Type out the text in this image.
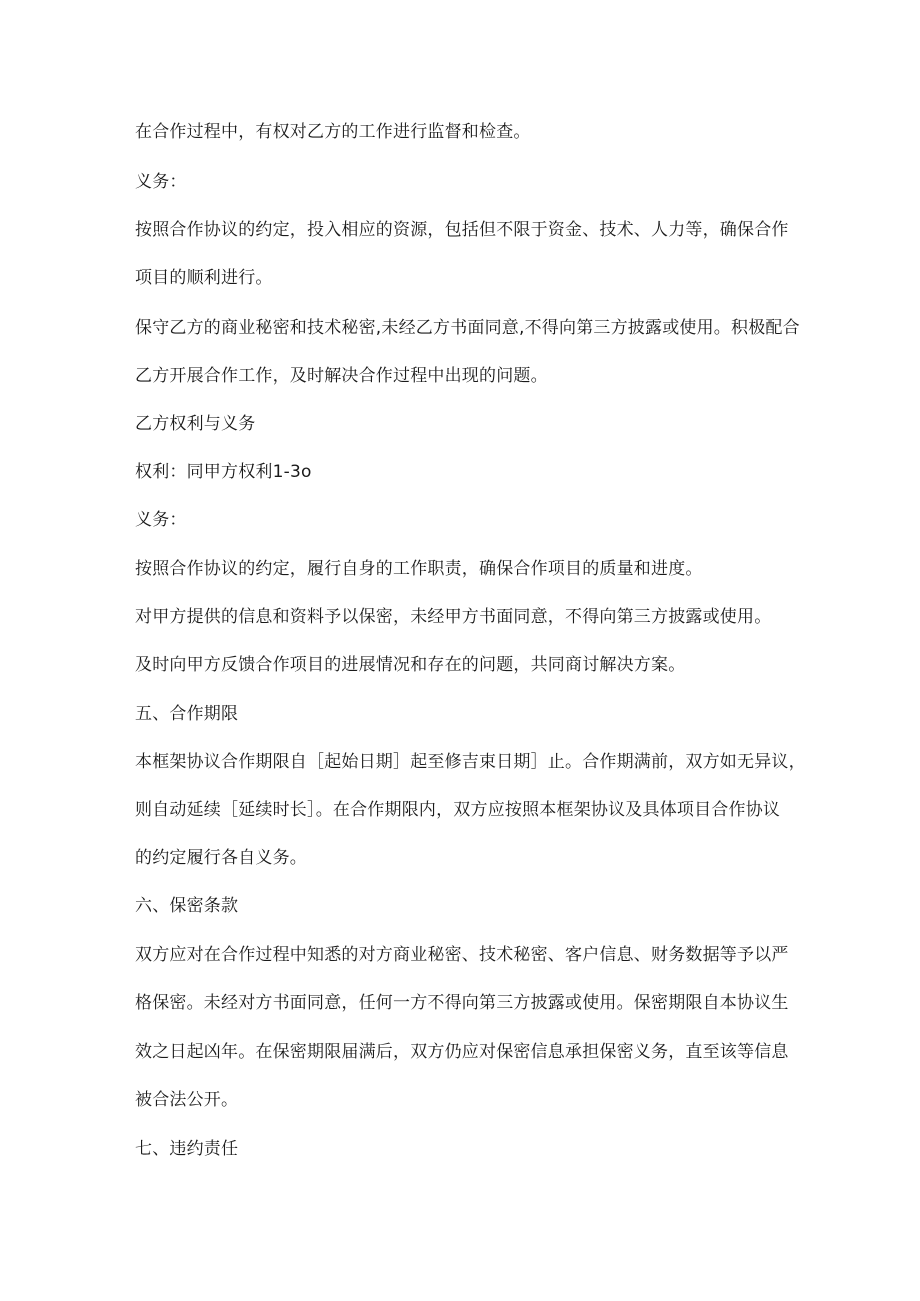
在合作过程中，有权对乙方的工作进行监督和检查。
义务：
按照合作协议的约定，投入相应的资源，包括但不限于资金、技术、人力等，确保合作
项目的顺利进行。
保守乙方的商业秘密和技术秘密,未经乙方书面同意,不得向第三方披露或使用。积极配合
乙方开展合作工作，及时解决合作过程中出现的问题。
乙方权利与义务
权利：同甲方权利1-3o
义务：
按照合作协议的约定，履行自身的工作职责，确保合作项目的质量和进度。
对甲方提供的信息和资料予以保密，未经甲方书面同意，不得向第三方披露或使用。
及时向甲方反馈合作项目的进展情况和存在的问题，共同商讨解决方案。
五、合作期限
本框架协议合作期限自［起始日期］起至修吉束日期］止。合作期满前，双方如无异议，
则自动延续［延续时长］。在合作期限内，双方应按照本框架协议及具体项目合作协议
的约定履行各自义务。
六、保密条款
双方应对在合作过程中知悉的对方商业秘密、技术秘密、客户信息、财务数据等予以严
格保密。未经对方书面同意，任何一方不得向第三方披露或使用。保密期限自本协议生
效之日起凶年。在保密期限届满后，双方仍应对保密信息承担保密义务，直至该等信息
被合法公开。
七、违约责任
